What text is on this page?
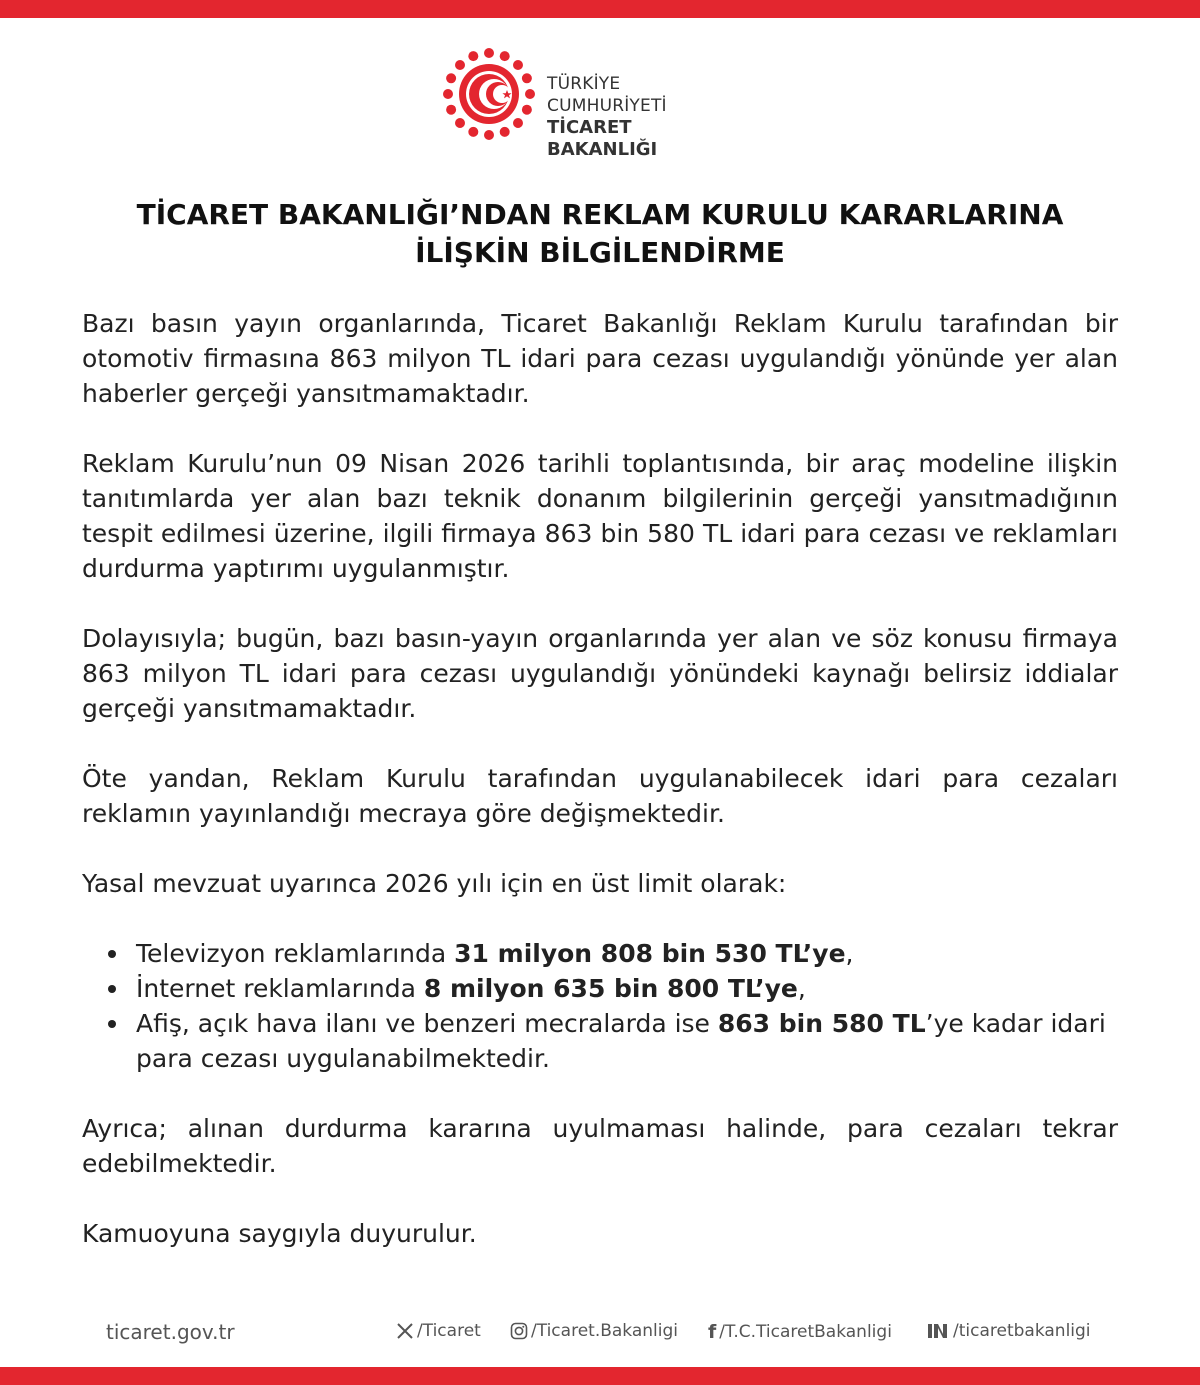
TÜRKİYE CUMHURİYETİ
TİCARET BAKANLIĞI
TİCARET BAKANLIĞI’NDAN REKLAM KURULU KARARLARINA
İLİŞKİN BİLGİLENDİRME

Bazı basın yayın organlarında, Ticaret Bakanlığı Reklam Kurulu tarafından bir otomotiv firmasına 863 milyon TL idari para cezası uygulandığı yönünde yer alan haberler gerçeği yansıtmamaktadır.

Reklam Kurulu’nun 09 Nisan 2026 tarihli toplantısında, bir araç modeline ilişkin tanıtımlarda yer alan bazı teknik donanım bilgilerinin gerçeği yansıtmadığının tespit edilmesi üzerine, ilgili firmaya 863 bin 580 TL idari para cezası ve reklamları durdurma yaptırımı uygulanmıştır.

Dolayısıyla; bugün, bazı basın-yayın organlarında yer alan ve söz konusu firmaya 863 milyon TL idari para cezası uygulandığı yönündeki kaynağı belirsiz iddialar gerçeği yansıtmamaktadır.

Öte yandan, Reklam Kurulu tarafından uygulanabilecek idari para cezaları reklamın yayınlandığı mecraya göre değişmektedir.

Yasal mevzuat uyarınca 2026 yılı için en üst limit olarak:

Televizyon reklamlarında 31 milyon 808 bin 530 TL’ye,
İnternet reklamlarında 8 milyon 635 bin 800 TL’ye,
Afiş, açık hava ilanı ve benzeri mecralarda ise 863 bin 580 TL’ye kadar idari para cezası uygulanabilmektedir.

Ayrıca; alınan durdurma kararına uyulmaması halinde, para cezaları tekrar edebilmektedir.

Kamuoyuna saygıyla duyurulur.

ticaret.gov.tr	/Ticaret	/Ticaret.Bakanligi f /T.C.TicaretBakanligi	/ticaretbakanligi
